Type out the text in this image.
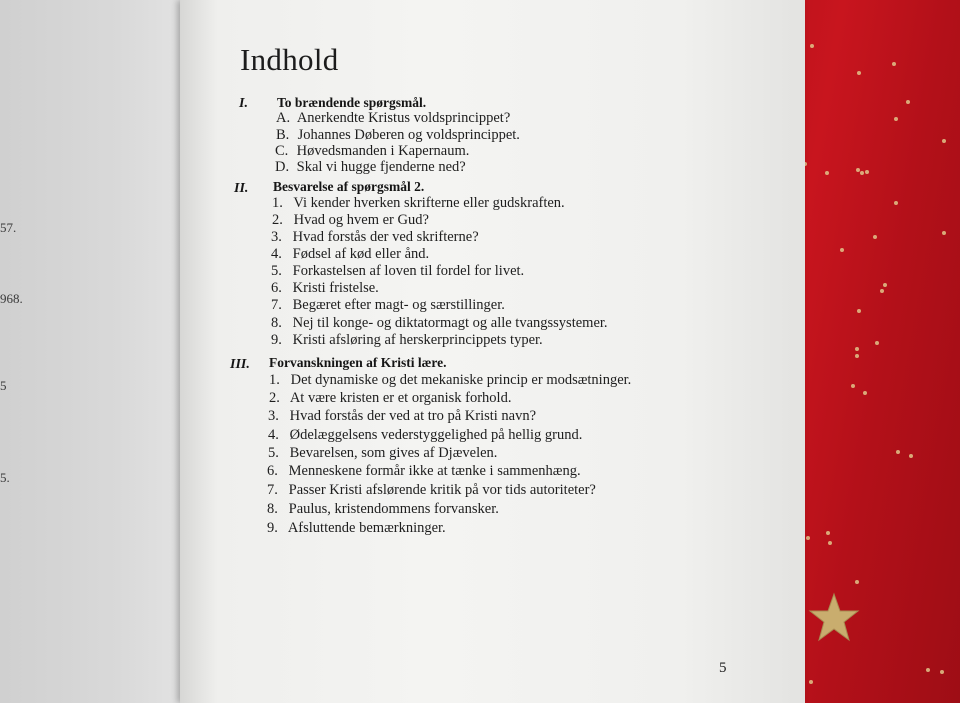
57.
968.
5
5.
Indhold
I. To brændende spørgsmål.
A. Anerkendte Kristus voldsprincippet?
B. Johannes Døberen og voldsprincippet.
C. Høvedsmanden i Kapernaum.
D. Skal vi hugge fjenderne ned?
II. Besvarelse af spørgsmål 2.
1. Vi kender hverken skrifterne eller gudskraften.
2. Hvad og hvem er Gud?
3. Hvad forstås der ved skrifterne?
4. Fødsel af kød eller ånd.
5. Forkastelsen af loven til fordel for livet.
6. Kristi fristelse.
7. Begæret efter magt- og særstillinger.
8. Nej til konge- og diktatormagt og alle tvangssystemer.
9. Kristi afsløring af herskerprincippets typer.
III. Forvanskningen af Kristi lære.
1. Det dynamiske og det mekaniske princip er modsætninger.
2. At være kristen er et organisk forhold.
3. Hvad forstås der ved at tro på Kristi navn?
4. Ødelæggelsens vederstyggelighed på hellig grund.
5. Bevarelsen, som gives af Djævelen.
6. Menneskene formår ikke at tænke i sammenhæng.
7. Passer Kristi afslørende kritik på vor tids autoriteter?
8. Paulus, kristendommens forvansker.
9. Afsluttende bemærkninger.
5
